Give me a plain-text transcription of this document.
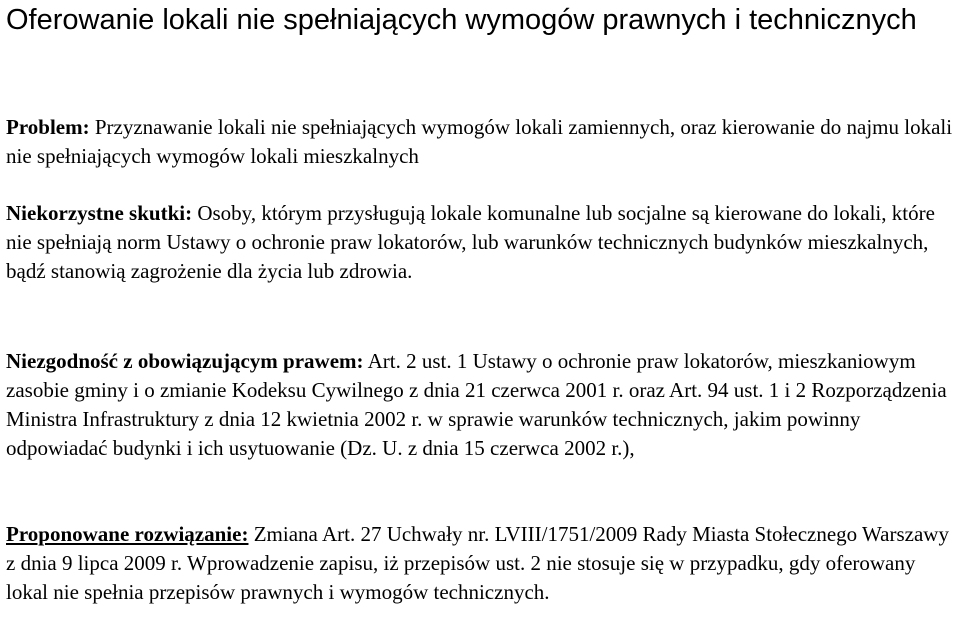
Oferowanie lokali nie spełniających wymogów prawnych i technicznych

Problem: Przyznawanie lokali nie spełniających wymogów lokali zamiennych, oraz kierowanie do najmu lokali nie spełniających wymogów lokali mieszkalnych

Niekorzystne skutki: Osoby, którym przysługują lokale komunalne lub socjalne są kierowane do lokali, które nie spełniają norm Ustawy o ochronie praw lokatorów, lub warunków technicznych budynków mieszkalnych, bądź stanowią zagrożenie dla życia lub zdrowia.

Niezgodność z obowiązującym prawem: Art. 2 ust. 1 Ustawy o ochronie praw lokatorów, mieszkaniowym zasobie gminy i o zmianie Kodeksu Cywilnego z dnia 21 czerwca 2001 r. oraz Art. 94 ust. 1 i 2 Rozporządzenia Ministra Infrastruktury z dnia 12 kwietnia 2002 r. w sprawie warunków technicznych, jakim powinny odpowiadać budynki i ich usytuowanie (Dz. U. z dnia 15 czerwca 2002 r.),

Proponowane rozwiązanie: Zmiana Art. 27 Uchwały nr. LVIII/1751/2009 Rady Miasta Stołecznego Warszawy z dnia 9 lipca 2009 r. Wprowadzenie zapisu, iż przepisów ust. 2 nie stosuje się w przypadku, gdy oferowany lokal nie spełnia przepisów prawnych i wymogów technicznych.
